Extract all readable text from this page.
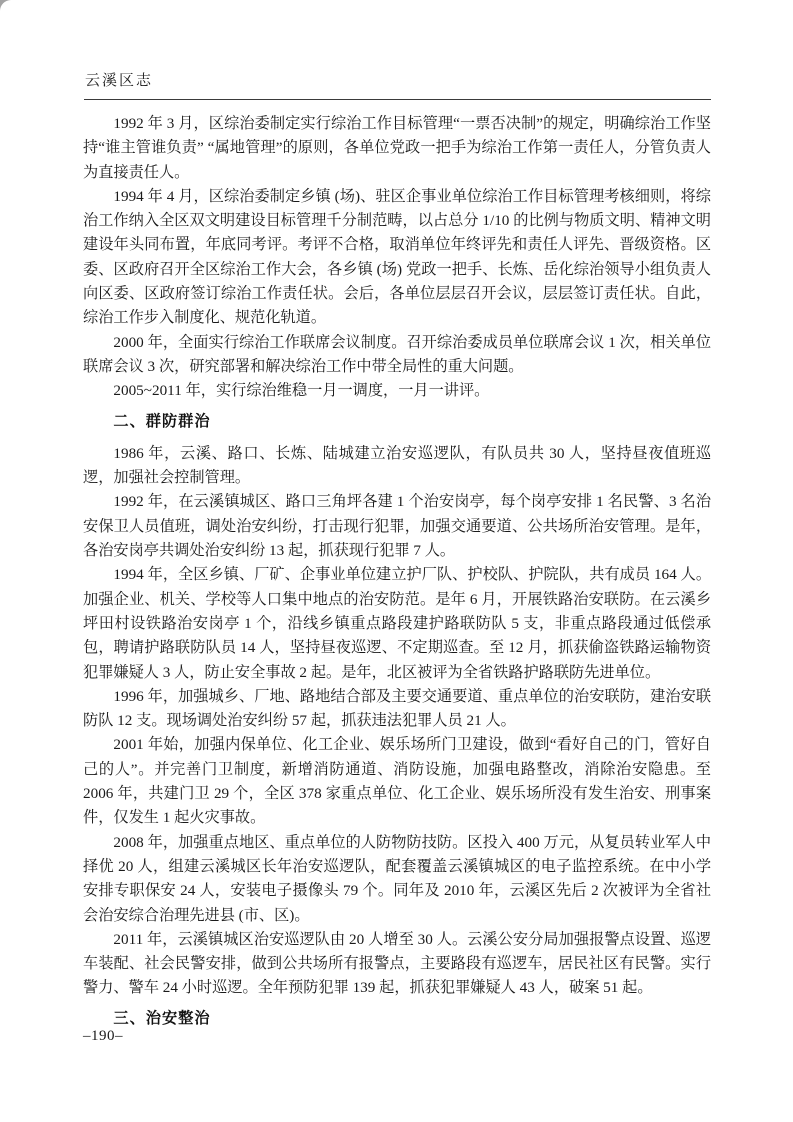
云溪区志

1992 年 3 月，区综治委制定实行综治工作目标管理“一票否决制”的规定，明确综治工作坚持“谁主管谁负责” “属地管理”的原则，各单位党政一把手为综治工作第一责任人，分管负责人为直接责任人。

1994 年 4 月，区综治委制定乡镇 (场)、驻区企事业单位综治工作目标管理考核细则，将综治工作纳入全区双文明建设目标管理千分制范畴，以占总分 1/10 的比例与物质文明、精神文明建设年头同布置，年底同考评。考评不合格，取消单位年终评先和责任人评先、晋级资格。区委、区政府召开全区综治工作大会，各乡镇 (场) 党政一把手、长炼、岳化综治领导小组负责人向区委、区政府签订综治工作责任状。会后，各单位层层召开会议，层层签订责任状。自此，综治工作步入制度化、规范化轨道。

2000 年，全面实行综治工作联席会议制度。召开综治委成员单位联席会议 1 次，相关单位联席会议 3 次，研究部署和解决综治工作中带全局性的重大问题。

2005~2011 年，实行综治维稳一月一调度，一月一讲评。

二、群防群治

1986 年，云溪、路口、长炼、陆城建立治安巡逻队，有队员共 30 人，坚持昼夜值班巡逻，加强社会控制管理。

1992 年，在云溪镇城区、路口三角坪各建 1 个治安岗亭，每个岗亭安排 1 名民警、3 名治安保卫人员值班，调处治安纠纷，打击现行犯罪，加强交通要道、公共场所治安管理。是年，各治安岗亭共调处治安纠纷 13 起，抓获现行犯罪 7 人。

1994 年，全区乡镇、厂矿、企事业单位建立护厂队、护校队、护院队，共有成员 164 人。加强企业、机关、学校等人口集中地点的治安防范。是年 6 月，开展铁路治安联防。在云溪乡坪田村设铁路治安岗亭 1 个，沿线乡镇重点路段建护路联防队 5 支，非重点路段通过低偿承包，聘请护路联防队员 14 人，坚持昼夜巡逻、不定期巡查。至 12 月，抓获偷盗铁路运输物资犯罪嫌疑人 3 人，防止安全事故 2 起。是年，北区被评为全省铁路护路联防先进单位。

1996 年，加强城乡、厂地、路地结合部及主要交通要道、重点单位的治安联防，建治安联防队 12 支。现场调处治安纠纷 57 起，抓获违法犯罪人员 21 人。

2001 年始，加强内保单位、化工企业、娱乐场所门卫建设，做到“看好自己的门，管好自己的人”。并完善门卫制度，新增消防通道、消防设施，加强电路整改，消除治安隐患。至 2006 年，共建门卫 29 个，全区 378 家重点单位、化工企业、娱乐场所没有发生治安、刑事案件，仅发生 1 起火灾事故。

2008 年，加强重点地区、重点单位的人防物防技防。区投入 400 万元，从复员转业军人中择优 20 人，组建云溪城区长年治安巡逻队，配套覆盖云溪镇城区的电子监控系统。在中小学安排专职保安 24 人，安装电子摄像头 79 个。同年及 2010 年，云溪区先后 2 次被评为全省社会治安综合治理先进县 (市、区)。

2011 年，云溪镇城区治安巡逻队由 20 人增至 30 人。云溪公安分局加强报警点设置、巡逻车装配、社会民警安排，做到公共场所有报警点，主要路段有巡逻车，居民社区有民警。实行警力、警车 24 小时巡逻。全年预防犯罪 139 起，抓获犯罪嫌疑人 43 人，破案 51 起。

三、治安整治
–190–
